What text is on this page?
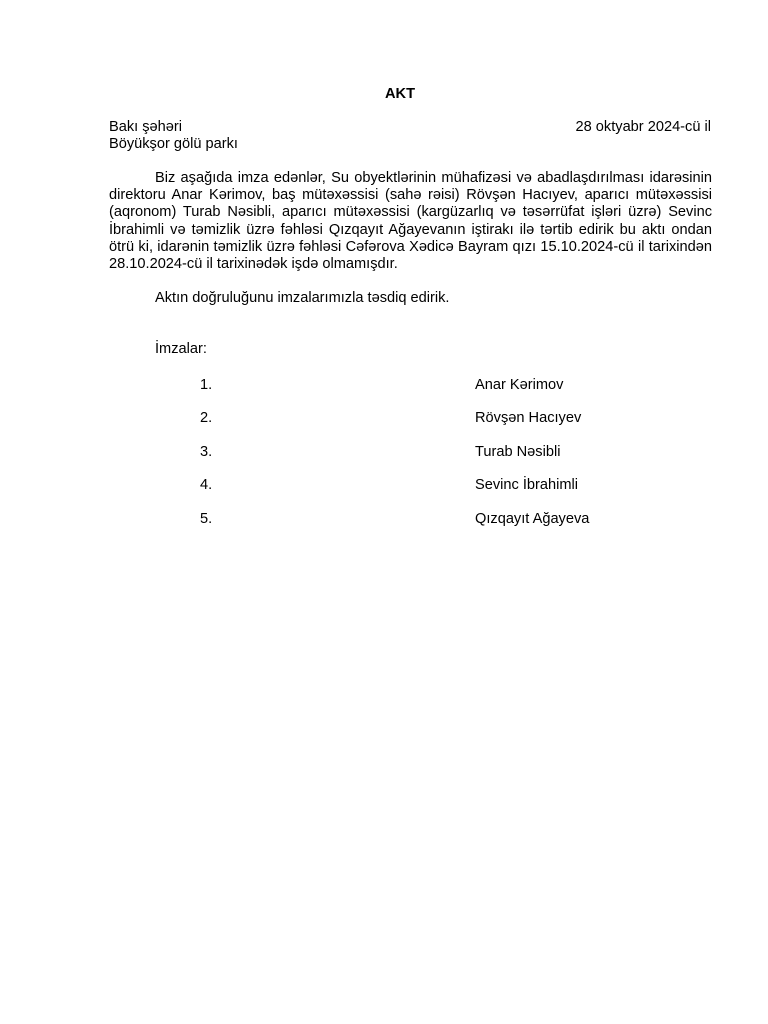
AKT
Bakı şəhəri	28 oktyabr 2024-cü il
Böyükşor gölü parkı
Biz aşağıda imza edənlər, Su obyektlərinin mühafizəsi və abadlaşdırılması idarəsinin direktoru Anar Kərimov, baş mütəxəssisi (sahə rəisi) Rövşən Hacıyev, aparıcı mütəxəssisi (aqronom) Turab Nəsibli, aparıcı mütəxəssisi (kargüzarlıq və təsərrüfat işləri üzrə) Sevinc İbrahimli və təmizlik üzrə fəhləsi Qızqayıt Ağayevanın iştirakı ilə tərtib edirik bu aktı ondan ötrü ki, idarənin təmizlik üzrə fəhləsi Cəfərova Xədicə Bayram qızı 15.10.2024-cü il tarixindən 28.10.2024-cü il tarixinədək işdə olmamışdır.
Aktın doğruluğunu imzalarımızla təsdiq edirik.
İmzalar:
1.	Anar Kərimov
2.	Rövşən Hacıyev
3.	Turab Nəsibli
4.	Sevinc İbrahimli
5.	Qızqayıt Ağayeva
